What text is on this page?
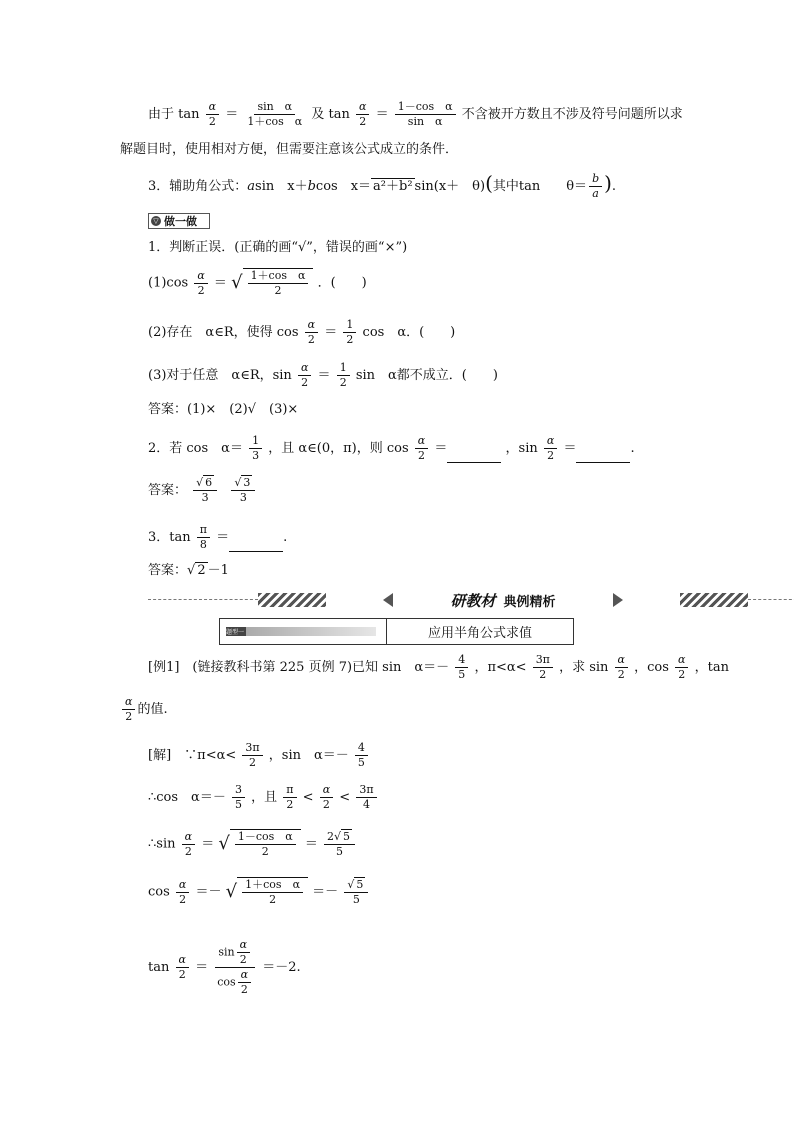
由于 $\tan \frac{\alpha}{2} = \frac{\text{sin　α}}{\text{1＋cos　α}}$ 及 $\tan \frac{\alpha}{2} = \frac{\text{1－cos　α}}{\text{sin　α}}$ 不含被开方数且不涉及符号问题所以求
解题目时，使用相对方便，但需要注意该公式成立的条件．
3．辅助角公式：asin　x＋bcos　x＝ a²＋b² sin(x＋　θ)(其中tan　　$\theta= \frac{b}{a}$ ).
▽ 做一做
1．判断正误．(正确的画“√”，错误的画“×”)
$(1)\cos \frac{\alpha}{2}$ ＝ √ $\frac{\text{1＋cos　α}}{2}$ ．(　　)
(2)存在　α∈R，使得 $\cos \frac{\alpha}{2} = \frac{1}{2}$ cos　α．(　　)
(3)对于任意　α∈R，$\sin \frac{\alpha}{2} = \frac{1}{2}$ sin　α都不成立．(　　)
答案：(1)×　(2)√　(3)×
2．若 cos　$\alpha= \frac{1}{3}$ ，且 α∈(0，π)，则 $\cos \frac{\alpha}{2}$ ＝	，$\sin \frac{\alpha}{2}$ ＝	.
答案： $\frac{√ 6}{3}$
$\frac{√ 3}{3}$
3．$\tan \frac{\pi}{8}$ ＝	.
答案：√ 2 －1
研教材 典例精析
题型一	应用半角公式求值
[例1]　(链接教科书第 225 页例 7)已知 sin　$\alpha=- \frac{4}{5}$ ，$\pi<\alpha< \frac{3\pi}{2}$ ，求 $\sin \frac{\alpha}{2}$ ，$\cos \frac{\alpha}{2}$ ，tan
$\frac{\alpha}{2}$ 的值.
[解]　∵π<α< $\frac{3\pi}{2}$ ，sin　$\alpha=- \frac{4}{5}$
∴cos　$\alpha=- \frac{3}{5}$ ，且 $\frac{\pi}{2} < \frac{\alpha}{2} < \frac{3\pi}{4}$
∴sin $\frac{\alpha}{2}$ ＝ √ $\frac{\text{1－cos　α}}{2} = \frac{2√ 5}{5}$
$\cos \frac{\alpha}{2}$ ＝－ √ $\frac{\text{1＋cos　α}}{2} =- \frac{√ 5}{5}$
$\tan \frac{\alpha}{2} = \frac{\sin \frac{\alpha}{2}}{\cos \frac{\alpha}{2}} =-2$.
